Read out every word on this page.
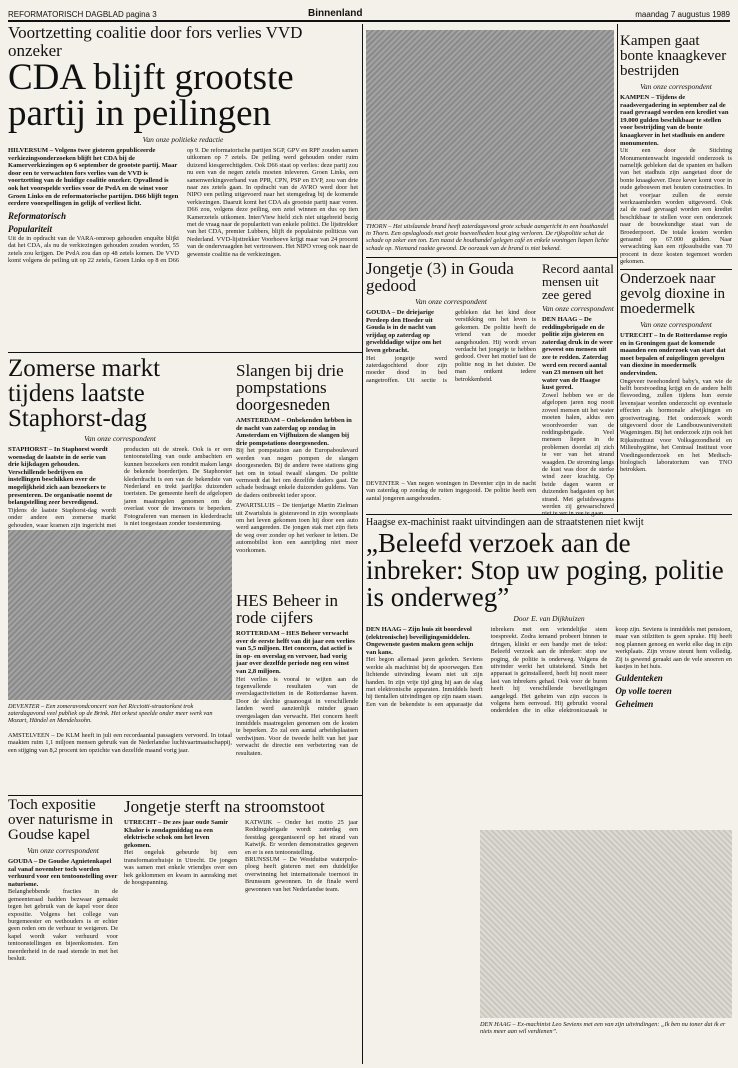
REFORMATORISCH DAGBLAD pagina 3	Binnenland	maandag 7 augustus 1989
Voortzetting coalitie door fors verlies VVD onzeker
CDA blijft grootste partij in peilingen
Van onze politieke redactie
HILVERSUM – Volgens twee gisteren gepubliceerde verkiezingsonderzoeken blijft het CDA bij de Kamerverkiezingen op 6 september de grootste partij. Maar door een te verwachten fors verlies van de VVD is voortzetting van de huidige coalitie onzeker. Opvallend is ook het voorspelde verlies voor de PvdA en de winst voor Groen Links en de reformatorische partijen. D66 blijft tegen eerdere voorspellingen in gelijk of verliest licht.
Reformatorisch
Populariteit
Uit de in opdracht van de VARA-omroep gehouden enquête blijkt dat het CDA, als nu de verkiezingen gehouden zouden worden, 55 zetels zou krijgen. De PvdA zou dan op 48 zetels komen. De VVD komt volgens de peiling uit op 22 zetels, Groen Links op 8 en D66 op 9. De reformatorische partijen SGP, GPV en RPF zouden samen uitkomen op 7 zetels. De peiling werd gehouden onder ruim duizend kiesgerechtigden. Ook D66 staat op verlies: deze partij zou nu een van de negen zetels moeten inleveren. Groen Links, een samenwerkingsverband van PPR, CPN, PSP en EVP, zou van drie naar zes zetels gaan. In opdracht van de AVRO werd door het NIPO een peiling uitgevoerd naar het stemgedrag bij de komende verkiezingen. Daaruit komt het CDA als grootste partij naar voren. D66 zou, volgens deze peiling, een zetel winnen en dus op tien Kamerzetels uitkomen. Inter/View hield zich niet uitgebreid bezig met de vraag naar de populariteit van enkele politici. De lijsttrekker van het CDA, premier Lubbers, blijft de populairste politicus van Nederland. VVD-lijsttrekker Voorhoeve krijgt maar van 24 procent van de ondervraagden het vertrouwen. Het NIPO vroeg ook naar de gewenste coalitie na de verkiezingen.
THORN – Het uitslaande brand heeft zaterdagavond grote schade aangericht in een houthandel in Thorn. Een opslagloods met grote hoeveelheden hout ging verloren. De rijkspolitie schat de schade op zeker een ton. Een naast de houthandel gelegen café en enkele woningen liepen lichte schade op. Niemand raakte gewond. De oorzaak van de brand is niet bekend.
Kampen gaat bonte knaagkever bestrijden
Van onze correspondent
KAMPEN – Tijdens de raadsvergadering in september zal de raad gevraagd worden een krediet van 19.000 gulden beschikbaar te stellen voor bestrijding van de bonte knaagkever in het stadhuis en andere monumenten.
Uit een door de Stichting Monumentenwacht ingesteld onderzoek is namelijk gebleken dat de spanten en balken van het stadhuis zijn aangetast door de bonte knaagkever. Deze kever komt voor in oude gebouwen met houten constructies. In het voorjaar zullen de eerste werkzaamheden worden uitgevoerd. Ook zal de raad gevraagd worden een krediet beschikbaar te stellen voor een onderzoek naar de bouwkundige staat van de Broederpoort. De totale kosten worden geraamd op 67.000 gulden. Naar verwachting kan een rijkssubsidie van 70 procent in deze kosten tegemoet worden gekomen.
Onderzoek naar gevolg dioxine in moedermelk
Van onze correspondent
UTRECHT – In de Rotterdamse regio en in Groningen gaat de komende maanden een onderzoek van start dat moet bepalen of zuigelingen gevolgen van dioxine in moedermelk ondervinden.
Ongeveer tweehonderd baby's, van wie de helft borstvoeding krijgt en de andere helft flesvoeding, zullen tijdens hun eerste levensjaar worden onderzocht op eventuele effecten als hormonale afwijkingen en groeivertraging. Het onderzoek wordt uitgevoerd door de Landbouwuniversiteit Wageningen. Bij het onderzoek zijn ook het Rijksinstituut voor Volksgezondheid en Milieuhygiëne, het Centraal Instituut voor Voedingsonderzoek en het Medisch-biologisch laboratorium van TNO betrokken.
Jongetje (3) in Gouda gedood
Van onze correspondent
GOUDA – De driejarige Perdeep den Hoeder uit Gouda is in de nacht van vrijdag op zaterdag op gewelddadige wijze om het leven gebracht.
Het jongetje werd zaterdagochtend door zijn moeder dood in bed aangetroffen. Uit sectie is gebleken dat het kind door verstikking om het leven is gekomen. De politie heeft de vriend van de moeder aangehouden. Hij wordt ervan verdacht het jongetje te hebben gedood. Over het motief tast de politie nog in het duister. De man ontkent iedere betrokkenheid.
DEVENTER – Van negen woningen in Deventer zijn in de nacht van zaterdag op zondag de ruiten ingegooid. De politie heeft een aantal jongeren aangehouden.
Record aantal mensen uit zee gered
Van onze correspondent
DEN HAAG – De reddingsbrigade en de politie zijn gisteren en zaterdag druk in de weer geweest om mensen uit zee te redden. Zaterdag werd een record aantal van 23 mensen uit het water van de Haagse kust gered.
Zowel hebben we er de afgelopen jaren nog nooit zoveel mensen uit het water moeten halen, aldus een woordvoerder van de reddingsbrigade. Veel mensen liepen in de problemen doordat zij zich te ver van het strand waagden. De stroming langs de kust was door de sterke wind zeer krachtig. Op beide dagen waren er duizenden badgasten op het strand. Met geluidswagens werden zij gewaarschuwd niet te ver in zee te gaan.
Zomerse markt tijdens laatste Staphorst-dag
Van onze correspondent
STAPHORST – In Staphorst wordt woensdag de laatste in de serie van drie kijkdagen gehouden. Verschillende bedrijven en instellingen beschikken over de mogelijkheid zich aan bezoekers te presenteren. De organisatie noemt de belangstelling zeer bevredigend.
Tijdens de laatste Staphorst-dag wordt onder andere een zomerse markt gehouden, waar kramen zijn ingericht met producten uit de streek. Ook is er een tentoonstelling van oude ambachten en kunnen bezoekers een rondrit maken langs de bekende boerderijen. De Staphorster klederdracht is een van de bekendste van Nederland en trekt jaarlijks duizenden toeristen. De gemeente heeft de afgelopen jaren maatregelen genomen om de overlast voor de inwoners te beperken. Fotograferen van mensen in klederdracht is niet toegestaan zonder toestemming.
DEVENTER – Een zomeravondconcert van het Ricciotti-straatorkest trok zaterdagavond veel publiek op de Brink. Het orkest speelde onder meer werk van Mozart, Händel en Mendelssohn.
AMSTELVEEN – De KLM heeft in juli een recordaantal passagiers vervoerd. In totaal maakten ruim 1,1 miljoen mensen gebruik van de Nederlandse luchtvaartmaatschappij, een stijging van 8,2 procent ten opzichte van dezelfde maand vorig jaar.
Slangen bij drie pompstations doorgesneden
AMSTERDAM – Onbekenden hebben in de nacht van zaterdag op zondag in Amsterdam en Vijfhuizen de slangen bij drie pompstations doorgesneden.
Bij het pompstation aan de Europaboulevard werden van negen pompen de slangen doorgesneden. Bij de andere twee stations ging het om in totaal twaalf slangen. De politie vermoedt dat het om dezelfde daders gaat. De schade bedraagt enkele duizenden guldens. Van de daders ontbreekt ieder spoor.
ZWARTSLUIS – De tienjarige Martin Zielman uit Zwartsluis is gisteravond in zijn woonplaats om het leven gekomen toen hij door een auto werd aangereden. De jongen stak met zijn fiets de weg over zonder op het verkeer te letten. De automobilist kon een aanrijding niet meer voorkomen.
HES Beheer in rode cijfers
ROTTERDAM – HES Beheer verwacht over de eerste helft van dit jaar een verlies van 5,5 miljoen. Het concern, dat actief is in op- en overslag en vervoer, had vorig jaar over dezelfde periode nog een winst van 2,8 miljoen.
Het verlies is vooral te wijten aan de tegenvallende resultaten van de overslagactiviteiten in de Rotterdamse haven. Door de slechte graanoogst in verschillende landen werd aanzienlijk minder graan overgeslagen dan verwacht. Het concern heeft inmiddels maatregelen genomen om de kosten te beperken. Zo zal een aantal arbeidsplaatsen verdwijnen. Voor de tweede helft van het jaar verwacht de directie een verbetering van de resultaten.
Haagse ex-machinist raakt uitvindingen aan de straatstenen niet kwijt
„Beleefd verzoek aan de inbreker: Stop uw poging, politie is onderweg”
Door E. van Dijkhuizen
DEN HAAG – Zijn huis zit boordevol (elektronische) beveiligingsmiddelen. Ongewenste gasten maken geen schijn van kans.
Het begon allemaal jaren geleden. Seviens werkte als machinist bij de spoorwegen. Een lichtende uitvinding kwam niet uit zijn handen. In zijn vrije tijd ging hij aan de slag met elektronische apparaten. Inmiddels heeft hij tientallen uitvindingen op zijn naam staan. Een van de bekendste is een apparaatje dat inbrekers met een vriendelijke stem toespreekt. Zodra iemand probeert binnen te dringen, klinkt er een bandje met de tekst: Beleefd verzoek aan de inbreker: stop uw poging, de politie is onderweg. Volgens de uitvinder werkt het uitstekend. Sinds het apparaat is geïnstalleerd, heeft hij nooit meer last van inbrekers gehad. Ook voor de buren heeft hij verschillende beveiligingen aangelegd. Het geheim van zijn succes is volgens hem eenvoud. Hij gebruikt vooral onderdelen die in elke elektronicazaak te koop zijn. Seviens is inmiddels met pensioen, maar van stilzitten is geen sprake. Hij heeft nog plannen genoeg en werkt elke dag in zijn werkplaats. Zijn vrouw steunt hem volledig. Zij is gewend geraakt aan de vele snoeren en kastjes in het huis.
Guldenteken
Op volle toeren
Geheimen
DEN HAAG – Ex-machinist Leo Seviens met een van zijn uitvindingen: „Ik ben nu toner dat ik er niets meer aan wil verdienen”.
Toch expositie over naturisme in Goudse kapel
Van onze correspondent
GOUDA – De Goudse Agnietenkapel zal vanaf november toch worden verhuurd voor een tentoonstelling over naturisme.
Belanghebbende fracties in de gemeenteraad hadden bezwaar gemaakt tegen het gebruik van de kapel voor deze expositie. Volgens het college van burgemeester en wethouders is er echter geen reden om de verhuur te weigeren. De kapel wordt vaker verhuurd voor tentoonstellingen en bijeenkomsten. Een meerderheid in de raad stemde in met het besluit.
Jongetje sterft na stroomstoot
UTRECHT – De zes jaar oude Samir Khalor is zondagmiddag na een elektrische schok om het leven gekomen.
Het ongeluk gebeurde bij een transformatorhuisje in Utrecht. De jongen was samen met enkele vriendjes over een hek geklommen en kwam in aanraking met de hoogspanning.
KATWIJK – Onder het motto 25 jaar Reddingsbrigade wordt zaterdag een feestdag georganiseerd op het strand van Katwijk. Er worden demonstraties gegeven en er is een tentoonstelling.
BRUNSSUM – De Westduitse waterpolo-ploeg heeft gisteren met een duidelijke overwinning het internationale toernooi in Brunssum gewonnen. In de finale werd gewonnen van het Nederlandse team.
